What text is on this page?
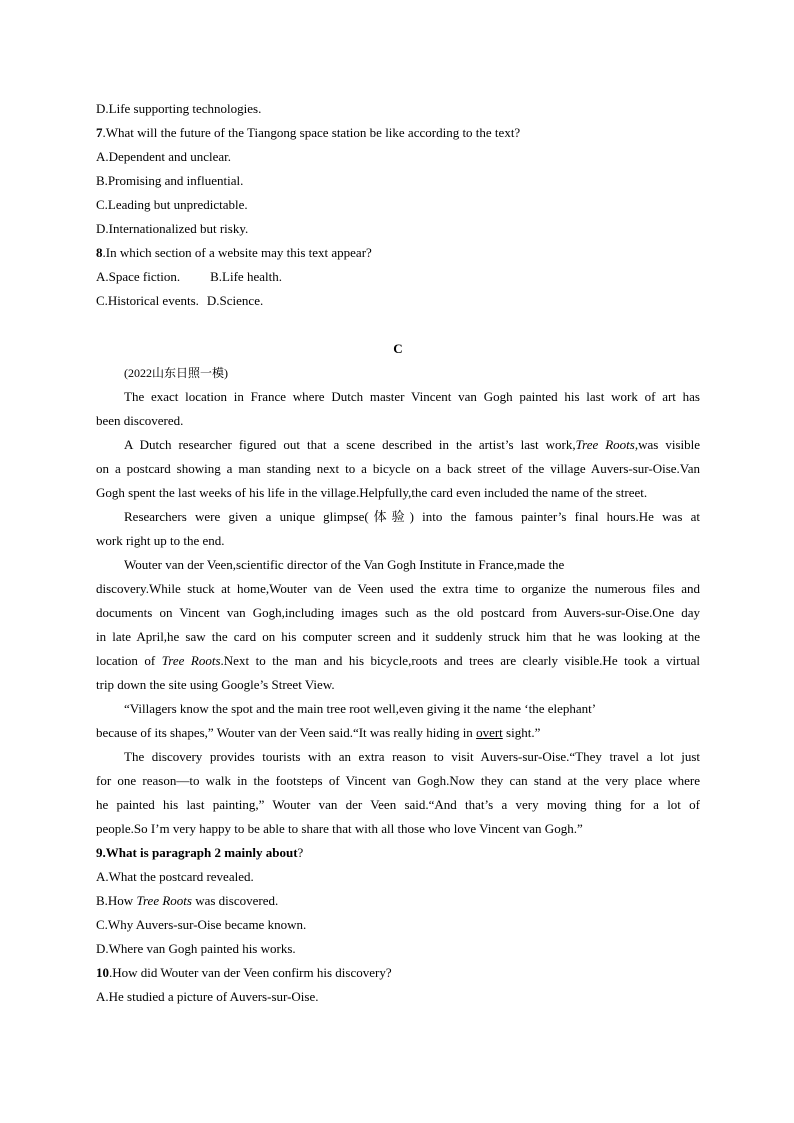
D.Life supporting technologies.
7.What will the future of the Tiangong space station be like according to the text?
A.Dependent and unclear.
B.Promising and influential.
C.Leading but unpredictable.
D.Internationalized but risky.
8.In which section of a website may this text appear?
A.Space fiction. B.Life health.
C.Historical events. D.Science.
C
(2022山东日照一模)
The exact location in France where Dutch master Vincent van Gogh painted his last work of art has
been discovered.
A Dutch researcher figured out that a scene described in the artist’s last work,Tree Roots,was visible
on a postcard showing a man standing next to a bicycle on a back street of the village Auvers-sur-Oise.Van
Gogh spent the last weeks of his life in the village.Helpfully,the card even included the name of the street.
Researchers were given a unique glimpse(体验) into the famous painter’s final hours.He was at
work right up to the end.
Wouter van der Veen,scientific director of the Van Gogh Institute in France,made the
discovery.While stuck at home,Wouter van de Veen used the extra time to organize the numerous files and
documents on Vincent van Gogh,including images such as the old postcard from Auvers-sur-Oise.One day
in late April,he saw the card on his computer screen and it suddenly struck him that he was looking at the
location of Tree Roots.Next to the man and his bicycle,roots and trees are clearly visible.He took a virtual
trip down the site using Google’s Street View.
“Villagers know the spot and the main tree root well,even giving it the name ‘the elephant’
because of its shapes,” Wouter van der Veen said.“It was really hiding in overt sight.”
The discovery provides tourists with an extra reason to visit Auvers-sur-Oise.“They travel a lot just
for one reason—to walk in the footsteps of Vincent van Gogh.Now they can stand at the very place where
he painted his last painting,” Wouter van der Veen said.“And that’s a very moving thing for a lot of
people.So I’m very happy to be able to share that with all those who love Vincent van Gogh.”
9.What is paragraph 2 mainly about?
A.What the postcard revealed.
B.How Tree Roots was discovered.
C.Why Auvers-sur-Oise became known.
D.Where van Gogh painted his works.
10.How did Wouter van der Veen confirm his discovery?
A.He studied a picture of Auvers-sur-Oise.
